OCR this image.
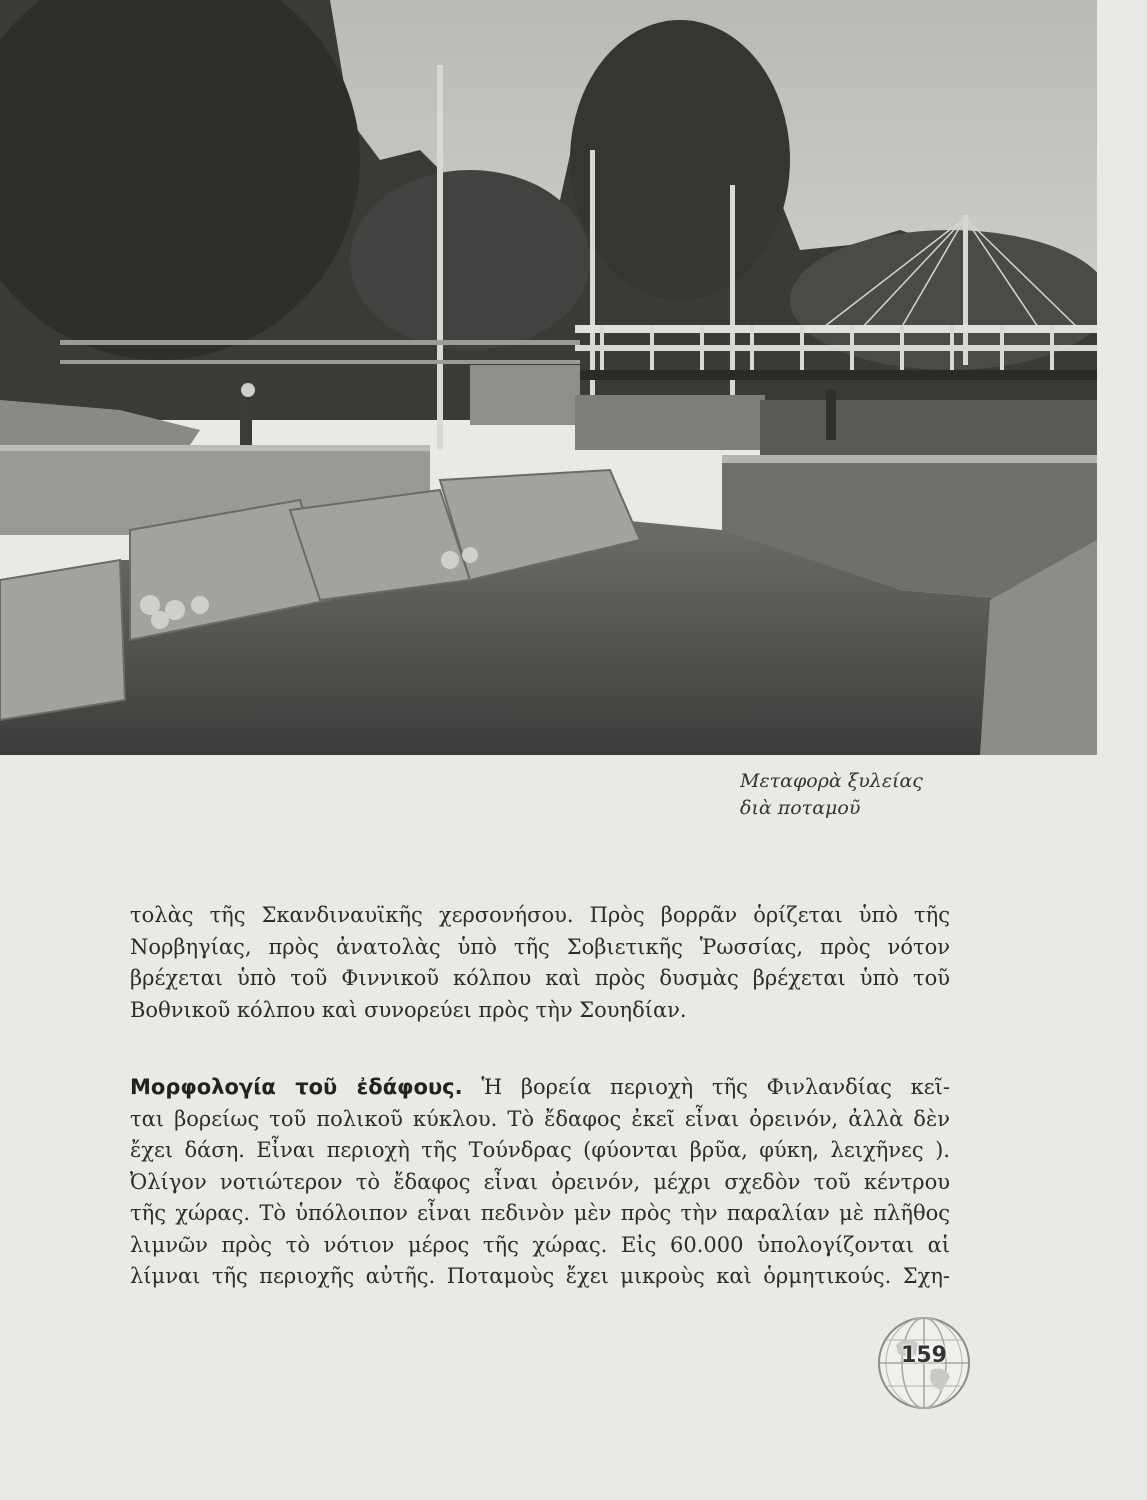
Μεταφορὰ ξυλείας
διὰ ποταμοῦ
τολὰς τῆς Σκανδιναυϊκῆς χερσονήσου. Πρὸς βορρᾶν ὁρίζεται ὑπὸ τῆς
Νορβηγίας, πρὸς ἀνατολὰς ὑπὸ τῆς Σοβιετικῆς Ῥωσσίας, πρὸς νότον
βρέχεται ὑπὸ τοῦ Φιννικοῦ κόλπου καὶ πρὸς δυσμὰς βρέχεται ὑπὸ τοῦ
Βοθνικοῦ κόλπου καὶ συνορεύει πρὸς τὴν Σουηδίαν.
Μορφολογία τοῦ ἐδάφους. Ἡ βορεία περιοχὴ τῆς Φινλανδίας κεῖ-
ται βορείως τοῦ πολικοῦ κύκλου. Τὸ ἔδαφος ἐκεῖ εἶναι ὀρεινόν, ἀλλὰ δὲν
ἔχει δάση. Εἶναι περιοχὴ τῆς Τούνδρας (φύονται βρῦα, φύκη, λειχῆνες ).
Ὀλίγον νοτιώτερον τὸ ἔδαφος εἶναι ὀρεινόν, μέχρι σχεδὸν τοῦ κέντρου
τῆς χώρας. Τὸ ὑπόλοιπον εἶναι πεδινὸν μὲν πρὸς τὴν παραλίαν μὲ πλῆθος
λιμνῶν πρὸς τὸ νότιον μέρος τῆς χώρας. Εἰς 60.000 ὑπολογίζονται αἱ
λίμναι τῆς περιοχῆς αὐτῆς. Ποταμοὺς ἔχει μικροὺς καὶ ὁρμητικούς. Σχη-
159
